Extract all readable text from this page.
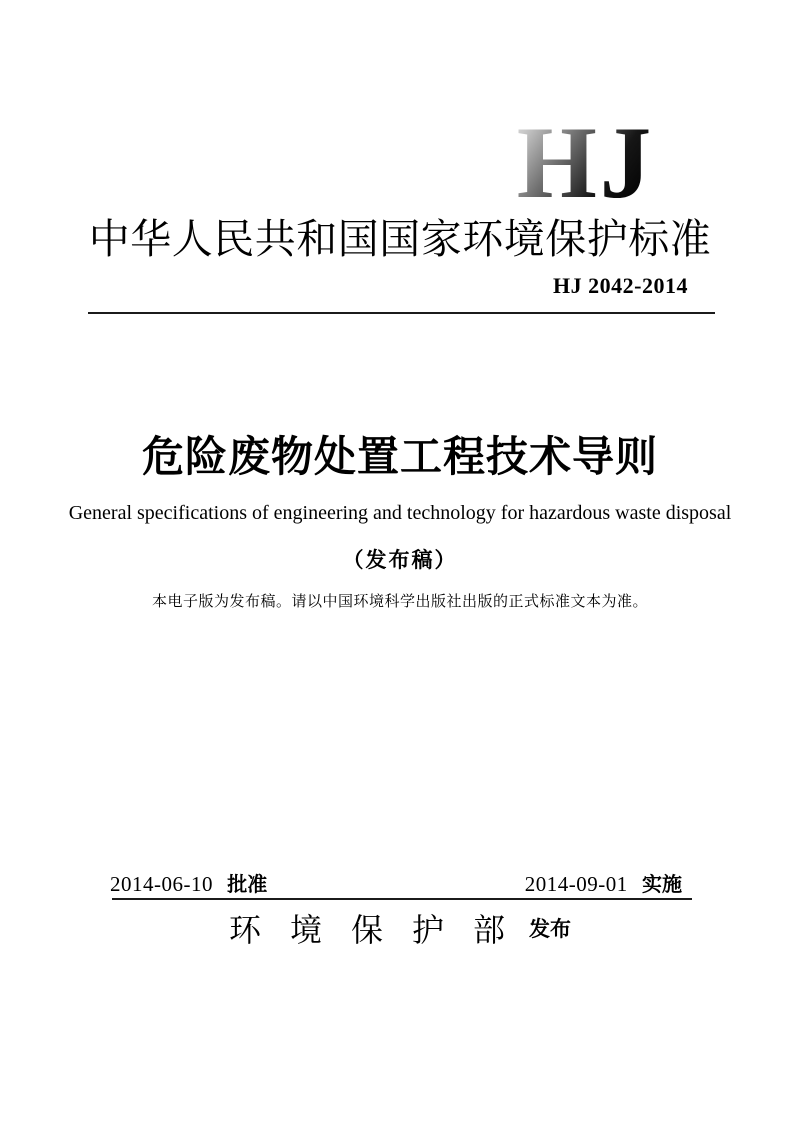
HJ
中华人民共和国国家环境保护标准
HJ 2042-2014
危险废物处置工程技术导则
General specifications of engineering and technology for hazardous waste disposal
（发布稿）
本电子版为发布稿。请以中国环境科学出版社出版的正式标准文本为准。
2014-06-10 批准	2014-09-01 实施
环境保护部 发布
